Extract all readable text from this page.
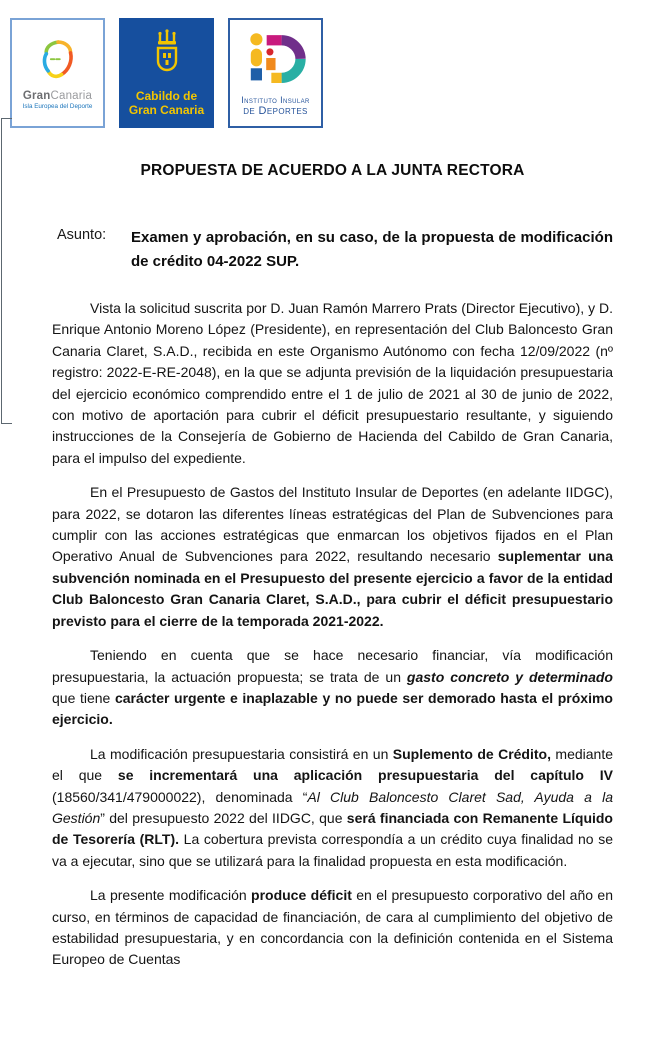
GranCanaria
Isla Europea del Deporte
Cabildo de
Gran Canaria
Instituto Insular
de Deportes
PROPUESTA DE ACUERDO A LA JUNTA RECTORA
Asunto:	Examen y aprobación, en su caso, de la propuesta de modificación de crédito 04-2022 SUP.

Vista la solicitud suscrita por D. Juan Ramón Marrero Prats (Director Ejecutivo), y D. Enrique Antonio Moreno López (Presidente), en representación del Club Baloncesto Gran Canaria Claret, S.A.D., recibida en este Organismo Autónomo con fecha 12/09/2022 (nº registro: 2022-E-RE-2048), en la que se adjunta previsión de la liquidación presupuestaria del ejercicio económico comprendido entre el 1 de julio de 2021 al 30 de junio de 2022, con motivo de aportación para cubrir el déficit presupuestario resultante, y siguiendo instrucciones de la Consejería de Gobierno de Hacienda del Cabildo de Gran Canaria, para el impulso del expediente.

En el Presupuesto de Gastos del Instituto Insular de Deportes (en adelante IIDGC), para 2022, se dotaron las diferentes líneas estratégicas del Plan de Subvenciones para cumplir con las acciones estratégicas que enmarcan los objetivos fijados en el Plan Operativo Anual de Subvenciones para 2022, resultando necesario suplementar una subvención nominada en el Presupuesto del presente ejercicio a favor de la entidad Club Baloncesto Gran Canaria Claret, S.A.D., para cubrir el déficit presupuestario previsto para el cierre de la temporada 2021-2022.

Teniendo en cuenta que se hace necesario financiar, vía modificación presupuestaria, la actuación propuesta; se trata de un gasto concreto y determinado que tiene carácter urgente e inaplazable y no puede ser demorado hasta el próximo ejercicio.

La modificación presupuestaria consistirá en un Suplemento de Crédito, mediante el que se incrementará una aplicación presupuestaria del capítulo IV (18560/341/479000022), denominada “Al Club Baloncesto Claret Sad, Ayuda a la Gestión” del presupuesto 2022 del IIDGC, que será financiada con Remanente Líquido de Tesorería (RLT). La cobertura prevista correspondía a un crédito cuya finalidad no se va a ejecutar, sino que se utilizará para la finalidad propuesta en esta modificación.

La presente modificación produce déficit en el presupuesto corporativo del año en curso, en términos de capacidad de financiación, de cara al cumplimiento del objetivo de estabilidad presupuestaria, y en concordancia con la definición contenida en el Sistema Europeo de Cuentas
